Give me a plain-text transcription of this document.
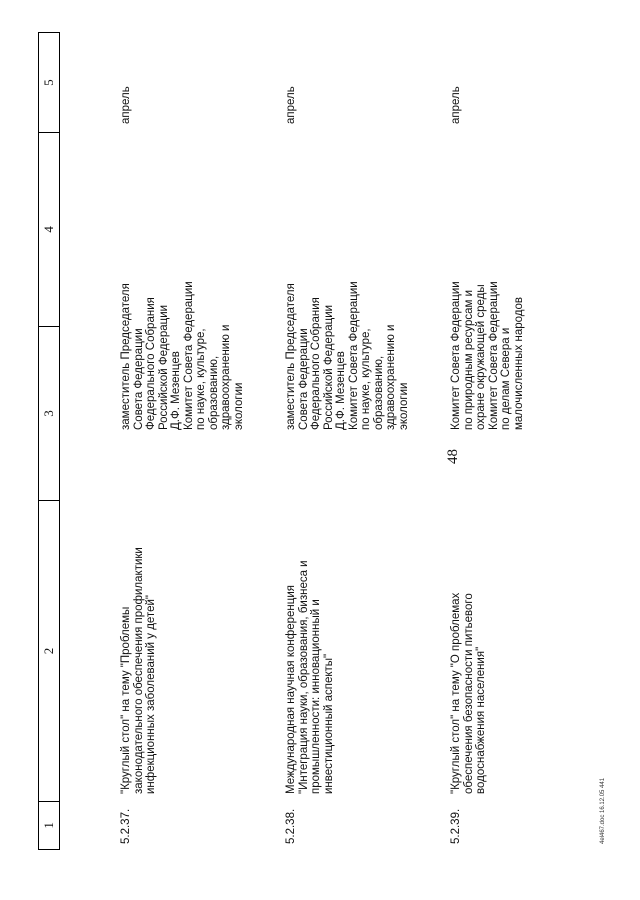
48
1
2
3
4
5
5.2.37.
"Круглый стол" на тему "Проблемы законодательного обеспечения профилактики инфекционных заболеваний у детей"
заместитель Председателя Совета Федерации Федерального Собрания Российской Федерации Д.Ф. Мезенцев Комитет Совета Федерации по науке, культуре, образованию, здравоохранению и экологии
апрель
5.2.38.
Международная научная конференция "Интеграция науки, образования, бизнеса и промышленности: инновационный и инвестиционный аспекты"
заместитель Председателя Совета Федерации Федерального Собрания Российской Федерации Д.Ф. Мезенцев Комитет Совета Федерации по науке, культуре, образованию, здравоохранению и экологии
апрель
5.2.39.
"Круглый стол" на тему "О проблемах обеспечения безопасности питьевого водоснабжения населения"
Комитет Совета Федерации по природным ресурсам и охране окружающей среды Комитет Совета Федерации по делам Севера и малочисленных народов
апрель
4el467.doc 16.12.05 441
